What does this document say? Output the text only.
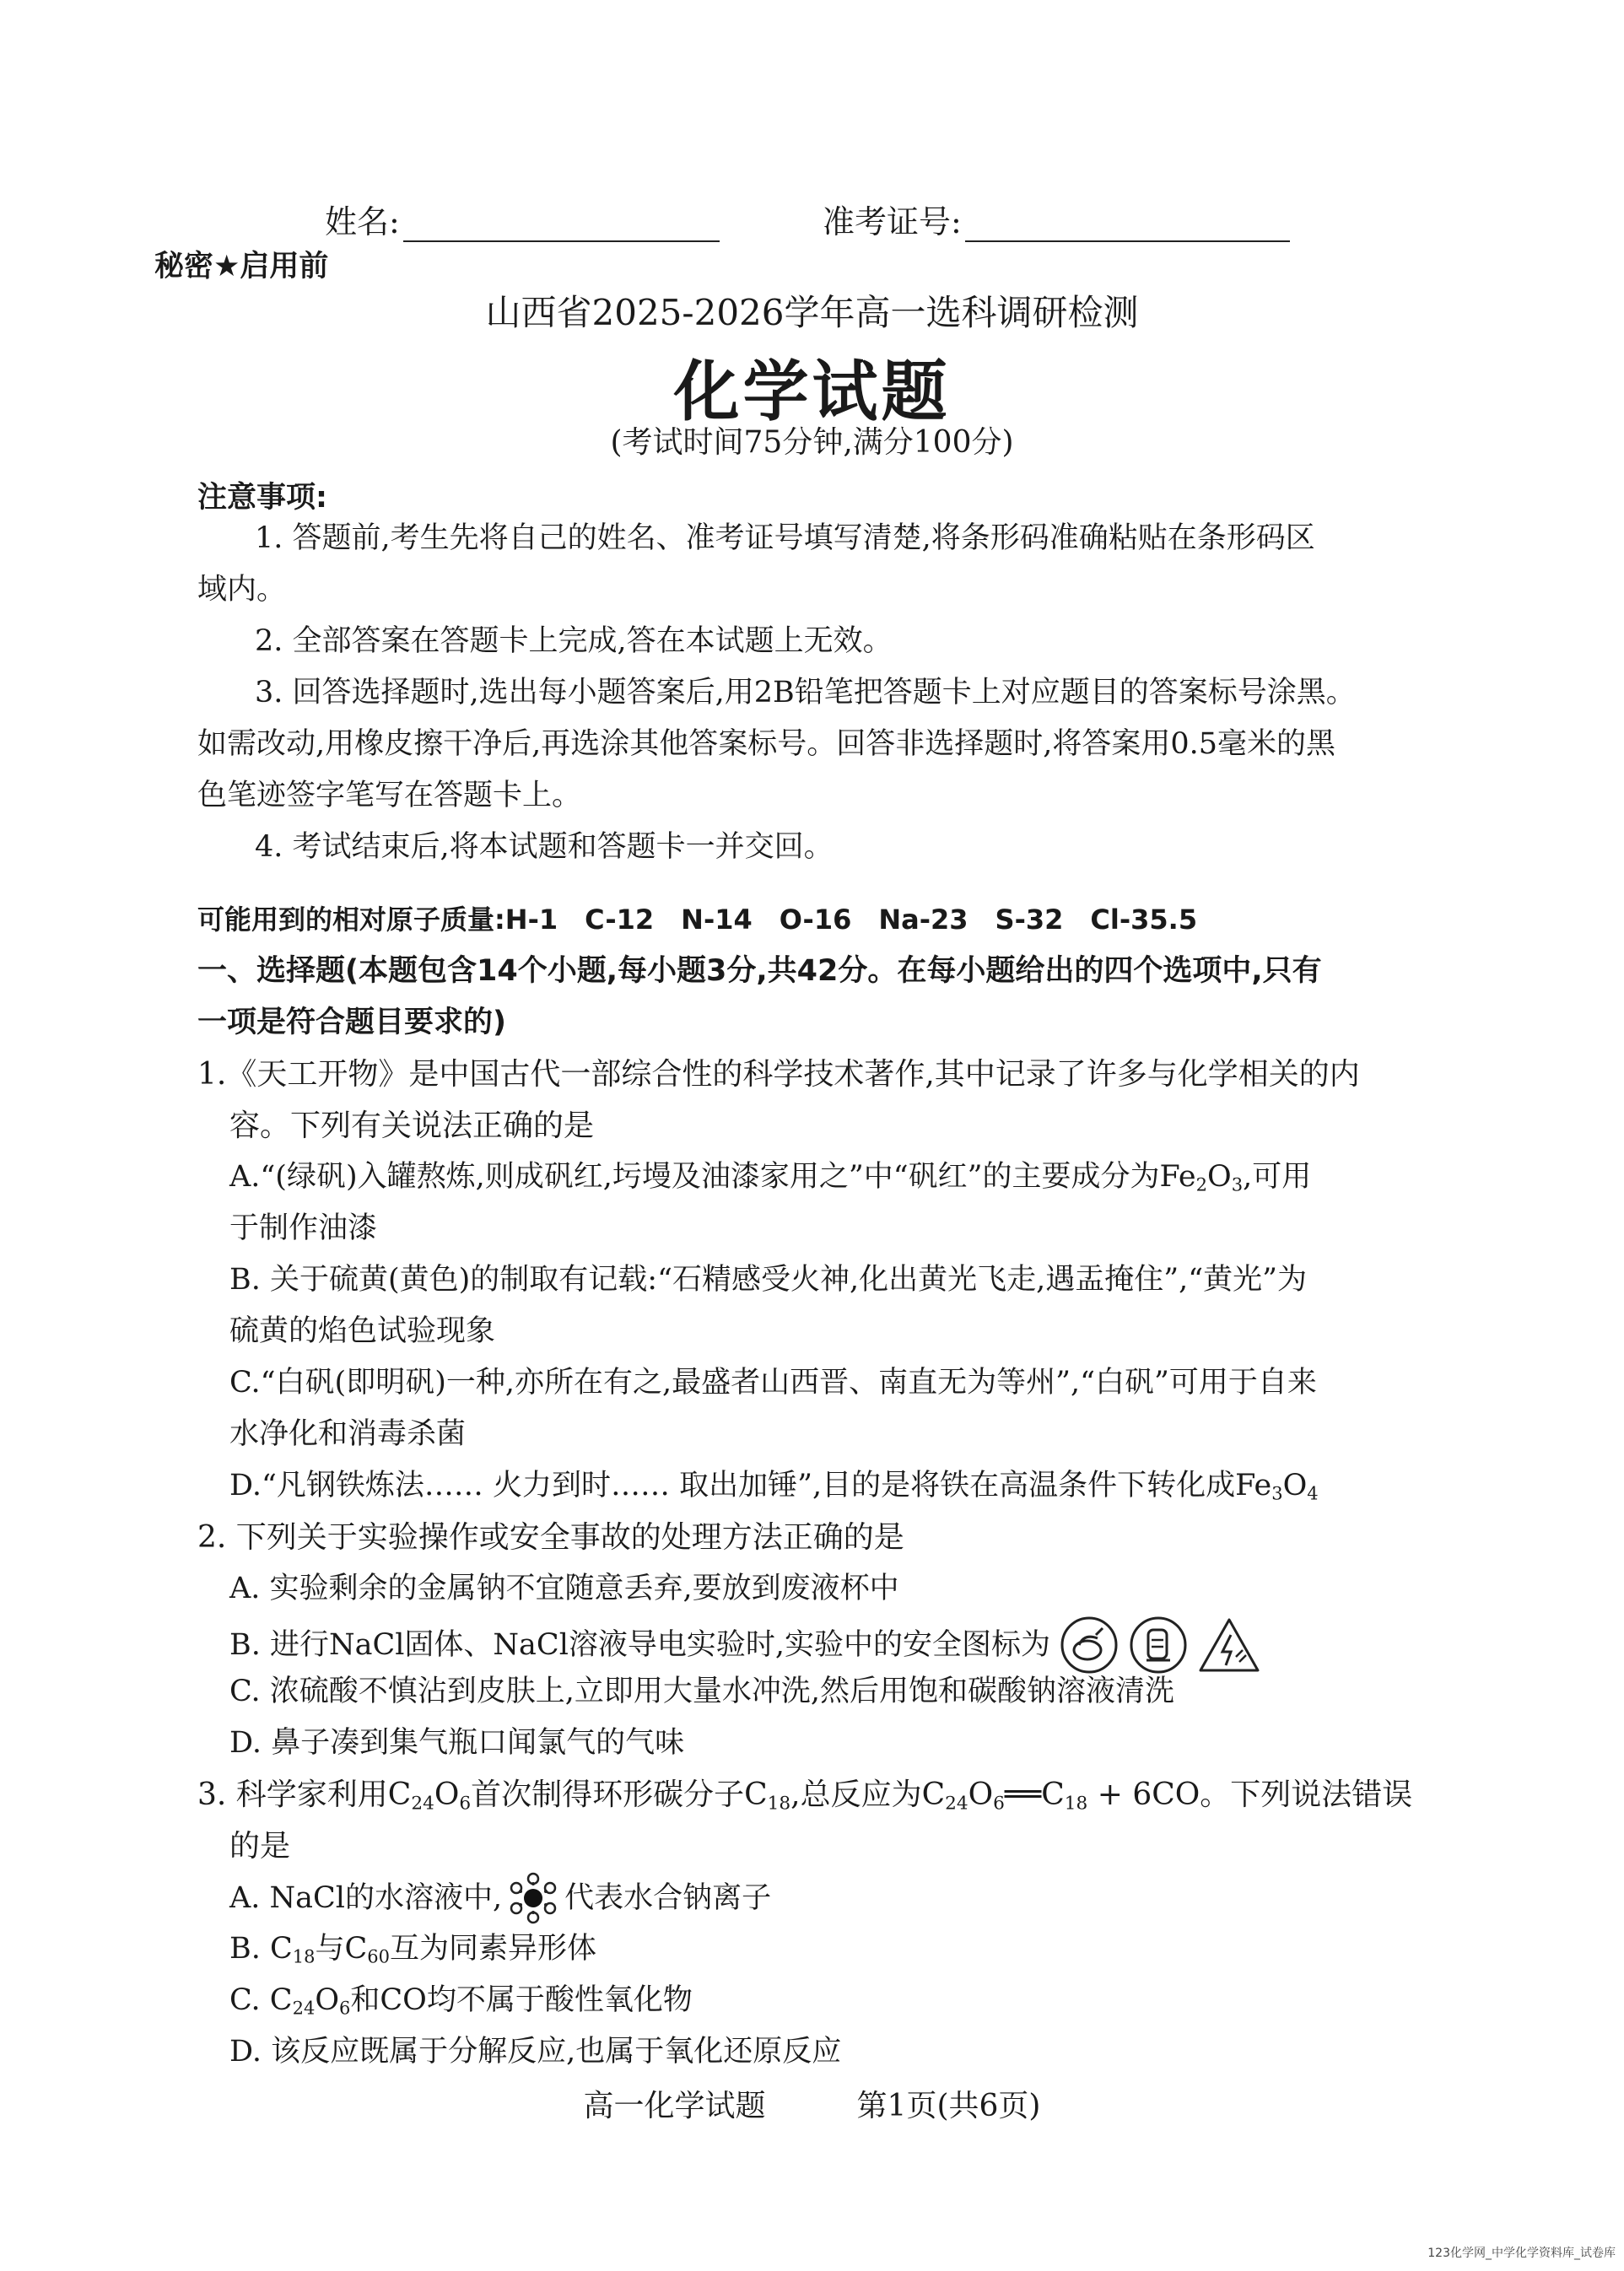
姓名:	准考证号:
秘密★启用前
山西省2025-2026学年高一选科调研检测
化学试题
(考试时间75分钟,满分100分)
注意事项:
1. 答题前,考生先将自己的姓名、准考证号填写清楚,将条形码准确粘贴在条形码区
域内。
2. 全部答案在答题卡上完成,答在本试题上无效。
3. 回答选择题时,选出每小题答案后,用2B铅笔把答题卡上对应题目的答案标号涂黑。
如需改动,用橡皮擦干净后,再选涂其他答案标号。回答非选择题时,将答案用0.5毫米的黑
色笔迹签字笔写在答题卡上。
4. 考试结束后,将本试题和答题卡一并交回。
可能用到的相对原子质量:H-1　C-12　N-14　O-16　Na-23　S-32　Cl-35.5
一、选择题(本题包含14个小题,每小题3分,共42分。在每小题给出的四个选项中,只有
一项是符合题目要求的)
1.《天工开物》是中国古代一部综合性的科学技术著作,其中记录了许多与化学相关的内
容。下列有关说法正确的是
A.“(绿矾)入罐熬炼,则成矾红,圬墁及油漆家用之”中“矾红”的主要成分为$Fe_2O_3$,可用
于制作油漆
B. 关于硫黄(黄色)的制取有记载:“石精感受火神,化出黄光飞走,遇盂掩住”,“黄光”为
硫黄的焰色试验现象
C.“白矾(即明矾)一种,亦所在有之,最盛者山西晋、南直无为等州”,“白矾”可用于自来
水净化和消毒杀菌
D.“凡钢铁炼法…… 火力到时…… 取出加锤”,目的是将铁在高温条件下转化成$Fe_3O_4$
2. 下列关于实验操作或安全事故的处理方法正确的是
A. 实验剩余的金属钠不宜随意丢弃,要放到废液杯中
B. 进行NaCl固体、NaCl溶液导电实验时,实验中的安全图标为
C. 浓硫酸不慎沾到皮肤上,立即用大量水冲洗,然后用饱和碳酸钠溶液清洗
D. 鼻子凑到集气瓶口闻氯气的气味
3. 科学家利用$C_{24}O_6$首次制得环形碳分子$C_{18}$,总反应为$C_{24}O_6══C_{18} + 6CO$。下列说法错误
的是
A. NaCl的水溶液中, 代表水合钠离子
B. $C_{18}$与$C_{60}$互为同素异形体
C. $C_{24}O_6$和CO均不属于酸性氧化物
D. 该反应既属于分解反应,也属于氧化还原反应
高一化学试题　　　第1页(共6页)
123化学网_中学化学资料库_试卷库
